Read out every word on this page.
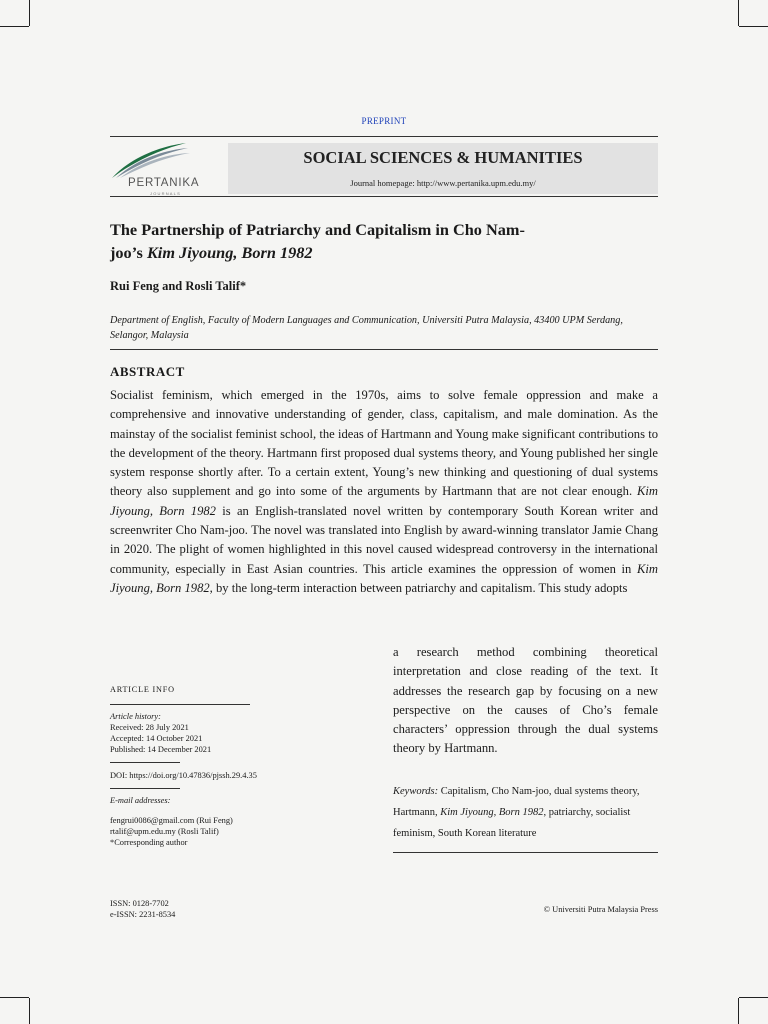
PREPRINT
PERTANIKA
JOURNALS
SOCIAL SCIENCES & HUMANITIES
Journal homepage: http://www.pertanika.upm.edu.my/
The Partnership of Patriarchy and Capitalism in Cho Nam-
joo’s Kim Jiyoung, Born 1982
Rui Feng and Rosli Talif*
Department of English, Faculty of Modern Languages and Communication, Universiti Putra Malaysia, 43400 UPM Serdang, Selangor, Malaysia
ABSTRACT
Socialist feminism, which emerged in the 1970s, aims to solve female oppression and make a comprehensive and innovative understanding of gender, class, capitalism, and male domination. As the mainstay of the socialist feminist school, the ideas of Hartmann and Young make significant contributions to the development of the theory. Hartmann first proposed dual systems theory, and Young published her single system response shortly after. To a certain extent, Young’s new thinking and questioning of dual systems theory also supplement and go into some of the arguments by Hartmann that are not clear enough. Kim Jiyoung, Born 1982 is an English-translated novel written by contemporary South Korean writer and screenwriter Cho Nam-joo. The novel was translated into English by award-winning translator Jamie Chang in 2020. The plight of women highlighted in this novel caused widespread controversy in the international community, especially in East Asian countries. This article examines the oppression of women in Kim Jiyoung, Born 1982, by the long-term interaction between patriarchy and capitalism. This study adopts
a research method combining theoretical interpretation and close reading of the text. It addresses the research gap by focusing on a new perspective on the causes of Cho’s female characters’ oppression through the dual systems theory by Hartmann.
ARTICLE INFO
Article history:
Received: 28 July 2021
Accepted: 14 October 2021
Published: 14 December 2021
DOI: https://doi.org/10.47836/pjssh.29.4.35
E-mail addresses:
fengrui0086@gmail.com (Rui Feng)
rtalif@upm.edu.my (Rosli Talif)
*Corresponding author
Keywords: Capitalism, Cho Nam-joo, dual systems theory, Hartmann, Kim Jiyoung, Born 1982, patriarchy, socialist feminism, South Korean literature
ISSN: 0128-7702
e-ISSN: 2231-8534
© Universiti Putra Malaysia Press
